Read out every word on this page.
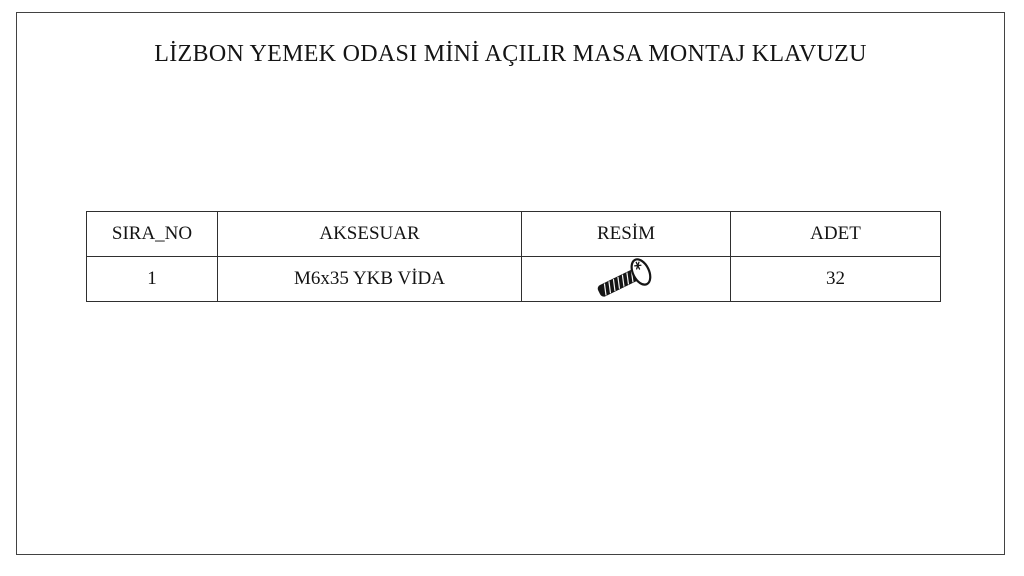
LİZBON YEMEK ODASI MİNİ AÇILIR MASA MONTAJ KLAVUZU
SIRA_NO	AKSESUAR	RESİM	ADET
1	M6x35 YKB VİDA		32
